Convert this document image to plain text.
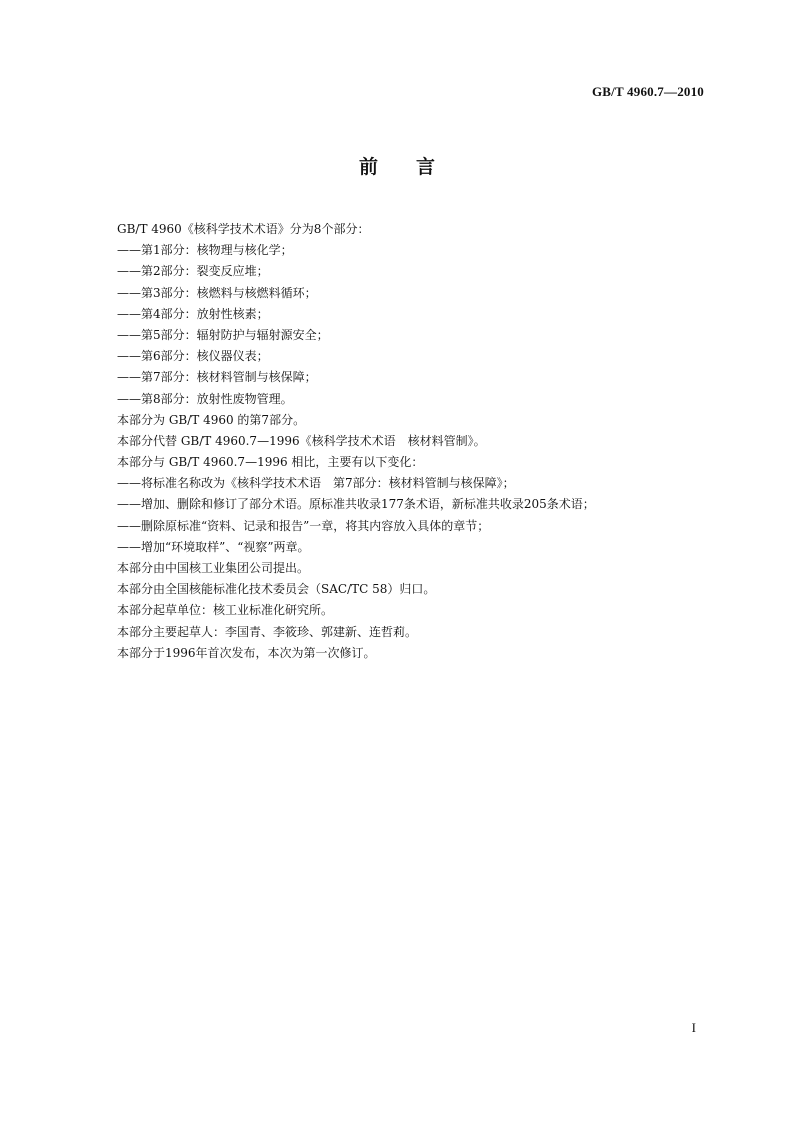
GB/T 4960.7—2010
前言
GB/T 4960《核科学技术术语》分为8个部分：
——第1部分：核物理与核化学；
——第2部分：裂变反应堆；
——第3部分：核燃料与核燃料循环；
——第4部分：放射性核素；
——第5部分：辐射防护与辐射源安全；
——第6部分：核仪器仪表；
——第7部分：核材料管制与核保障；
——第8部分：放射性废物管理。
本部分为 GB/T 4960 的第7部分。
本部分代替 GB/T 4960.7—1996《核科学技术术语　核材料管制》。
本部分与 GB/T 4960.7—1996 相比，主要有以下变化：
——将标准名称改为《核科学技术术语　第7部分：核材料管制与核保障》；
——增加、删除和修订了部分术语。原标准共收录177条术语，新标准共收录205条术语；
——删除原标准“资料、记录和报告”一章，将其内容放入具体的章节；
——增加“环境取样”、“视察”两章。
本部分由中国核工业集团公司提出。
本部分由全国核能标准化技术委员会（SAC/TC 58）归口。
本部分起草单位：核工业标准化研究所。
本部分主要起草人：李国青、李筱珍、郭建新、连哲莉。
本部分于1996年首次发布，本次为第一次修订。
I
